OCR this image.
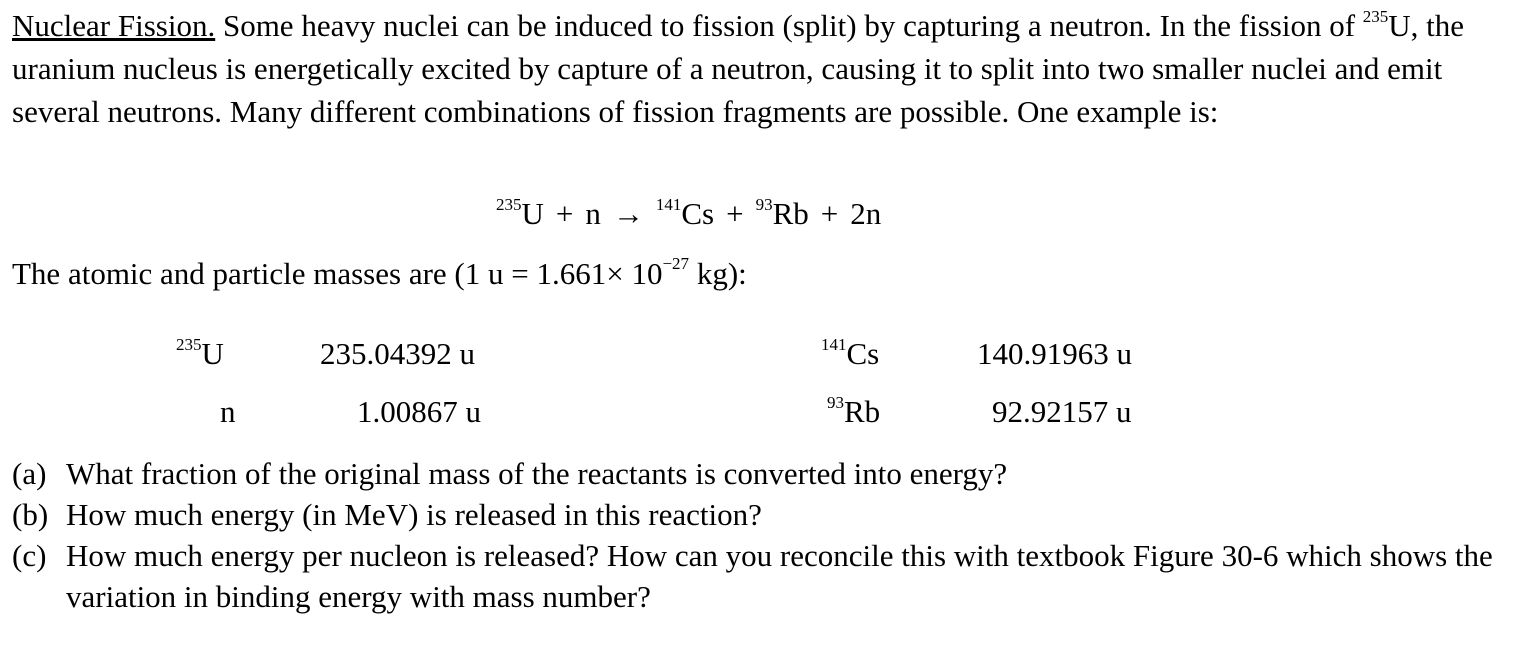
Nuclear Fission. Some heavy nuclei can be induced to fission (split) by capturing a neutron. In the fission of $^{235}$U, the uranium nucleus is energetically excited by capture of a neutron, causing it to split into two smaller nuclei and emit several neutrons. Many different combinations of fission fragments are possible. One example is:
$^{235}$U + n → $^{141}$Cs + $^{93}$Rb + 2n
The atomic and particle masses are (1 $u = 1.661\times 10^{-27}$ kg):
$^{235}$U	235.04392 u	$^{141}$Cs	140.91963 u
n	1.00867 u	$^{93}$Rb	92.92157 u
(a) What fraction of the original mass of the reactants is converted into energy?
(b) How much energy (in MeV) is released in this reaction?
(c) How much energy per nucleon is released? How can you reconcile this with textbook Figure 30-6 which shows the variation in binding energy with mass number?
